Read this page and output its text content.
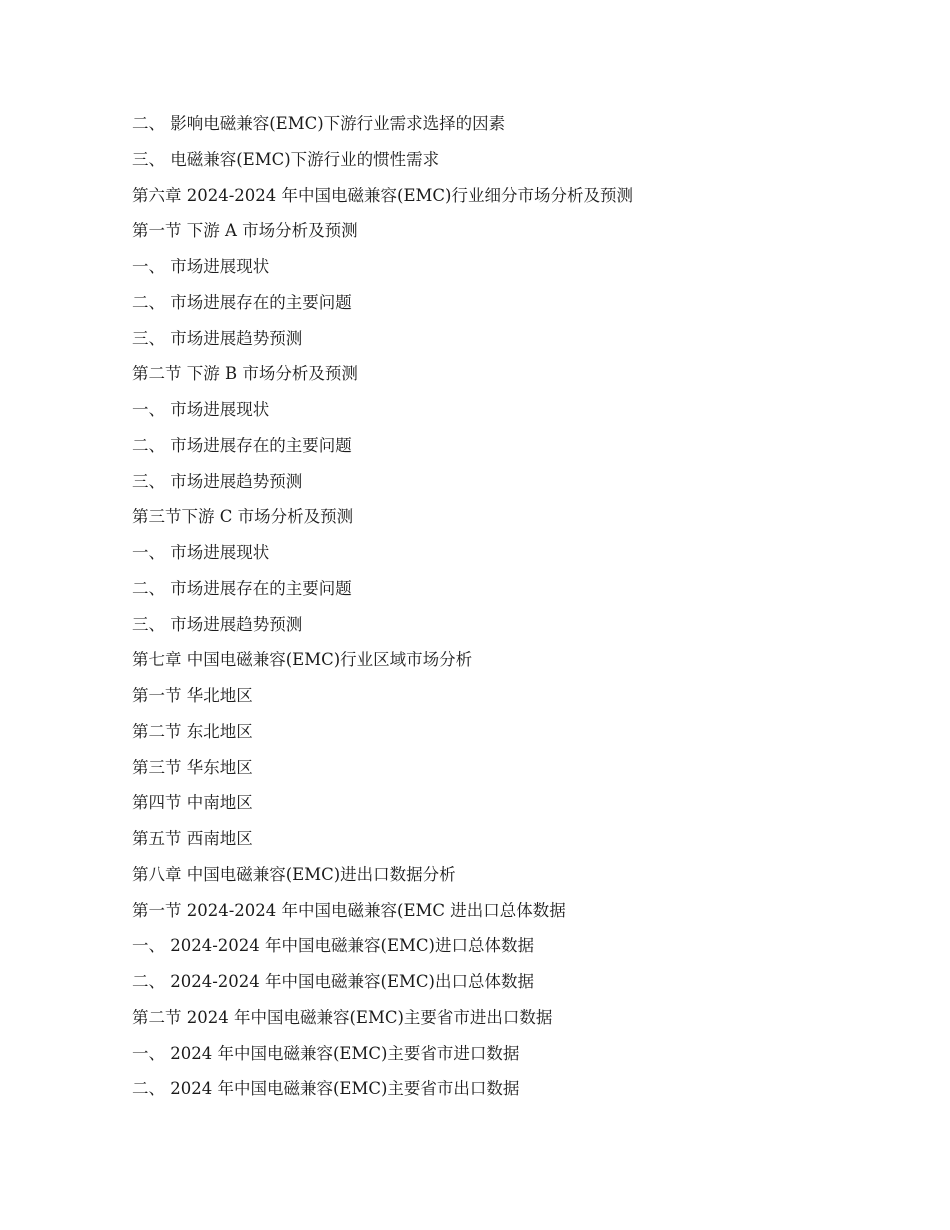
二、 影响电磁兼容(EMC)下游行业需求选择的因素
三、 电磁兼容(EMC)下游行业的惯性需求
第六章 2024-2024 年中国电磁兼容(EMC)行业细分市场分析及预测
第一节 下游 A 市场分析及预测
一、 市场进展现状
二、 市场进展存在的主要问题
三、 市场进展趋势预测
第二节 下游 B 市场分析及预测
一、 市场进展现状
二、 市场进展存在的主要问题
三、 市场进展趋势预测
第三节下游 C 市场分析及预测
一、 市场进展现状
二、 市场进展存在的主要问题
三、 市场进展趋势预测
第七章 中国电磁兼容(EMC)行业区域市场分析
第一节 华北地区
第二节 东北地区
第三节 华东地区
第四节 中南地区
第五节 西南地区
第八章 中国电磁兼容(EMC)进出口数据分析
第一节 2024-2024 年中国电磁兼容(EMC 进出口总体数据
一、 2024-2024 年中国电磁兼容(EMC)进口总体数据
二、 2024-2024 年中国电磁兼容(EMC)出口总体数据
第二节 2024 年中国电磁兼容(EMC)主要省市进出口数据
一、 2024 年中国电磁兼容(EMC)主要省市进口数据
二、 2024 年中国电磁兼容(EMC)主要省市出口数据
